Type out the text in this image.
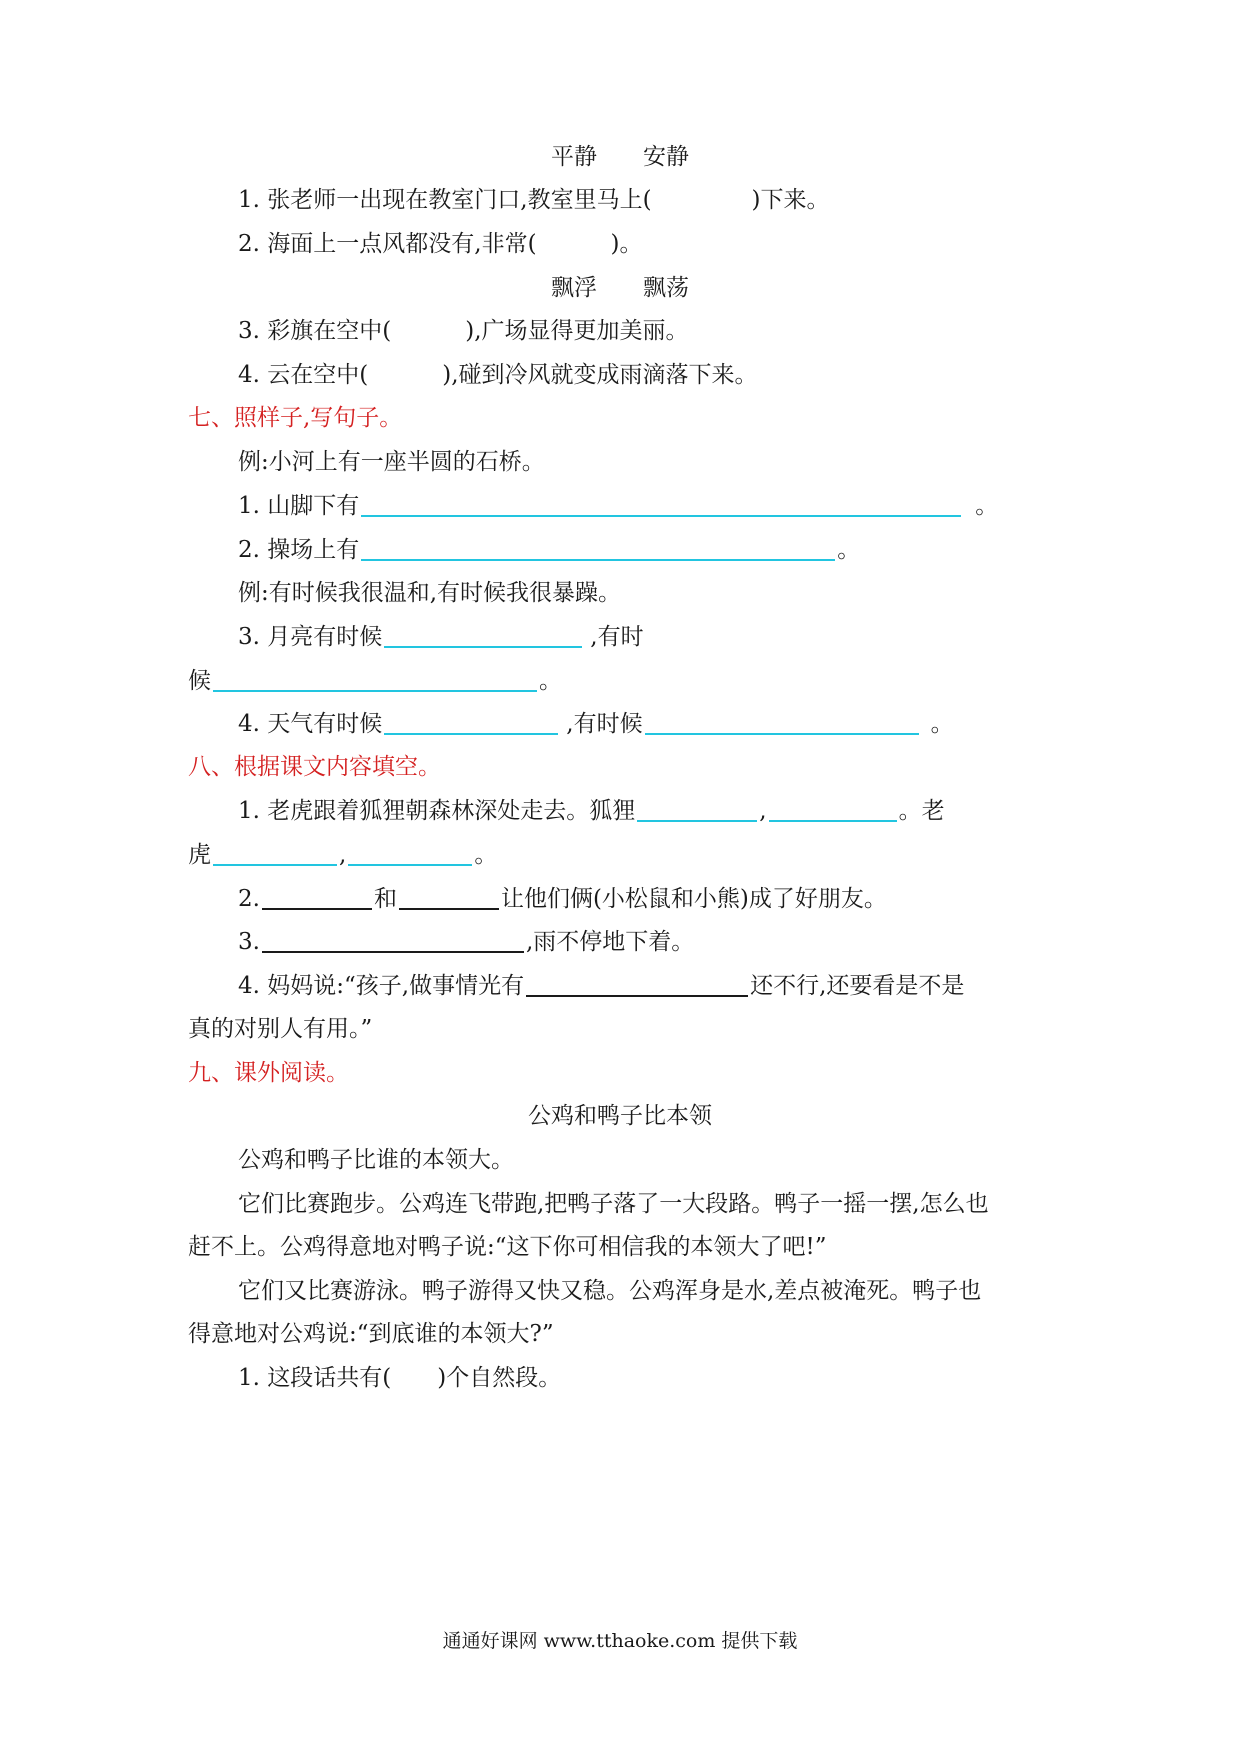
平静 安静
1. 张老师一出现在教室门口,教室里马上(	)下来。
2. 海面上一点风都没有,非常(	)。
飘浮 飘荡
3. 彩旗在空中(	),广场显得更加美丽。
4. 云在空中(	),碰到冷风就变成雨滴落下来。
七、照样子,写句子。
例:小河上有一座半圆的石桥。
1. 山脚下有	。
2. 操场上有	。
例:有时候我很温和,有时候我很暴躁。
3. 月亮有时候	,有时
候	。
4. 天气有时候	,有时候	。
八、根据课文内容填空。
1. 老虎跟着狐狸朝森林深处走去。狐狸	,	。老
虎	,	。
2.	和	让他们俩(小松鼠和小熊)成了好朋友。
3.	,雨不停地下着。
4. 妈妈说:“孩子,做事情光有	还不行,还要看是不是
真的对别人有用。”
九、课外阅读。
公鸡和鸭子比本领
公鸡和鸭子比谁的本领大。
它们比赛跑步。公鸡连飞带跑,把鸭子落了一大段路。鸭子一摇一摆,怎么也
赶不上。公鸡得意地对鸭子说:“这下你可相信我的本领大了吧!”
它们又比赛游泳。鸭子游得又快又稳。公鸡浑身是水,差点被淹死。鸭子也
得意地对公鸡说:“到底谁的本领大?”
1. 这段话共有( )个自然段。
通通好课网 www.tthaoke.com 提供下载
